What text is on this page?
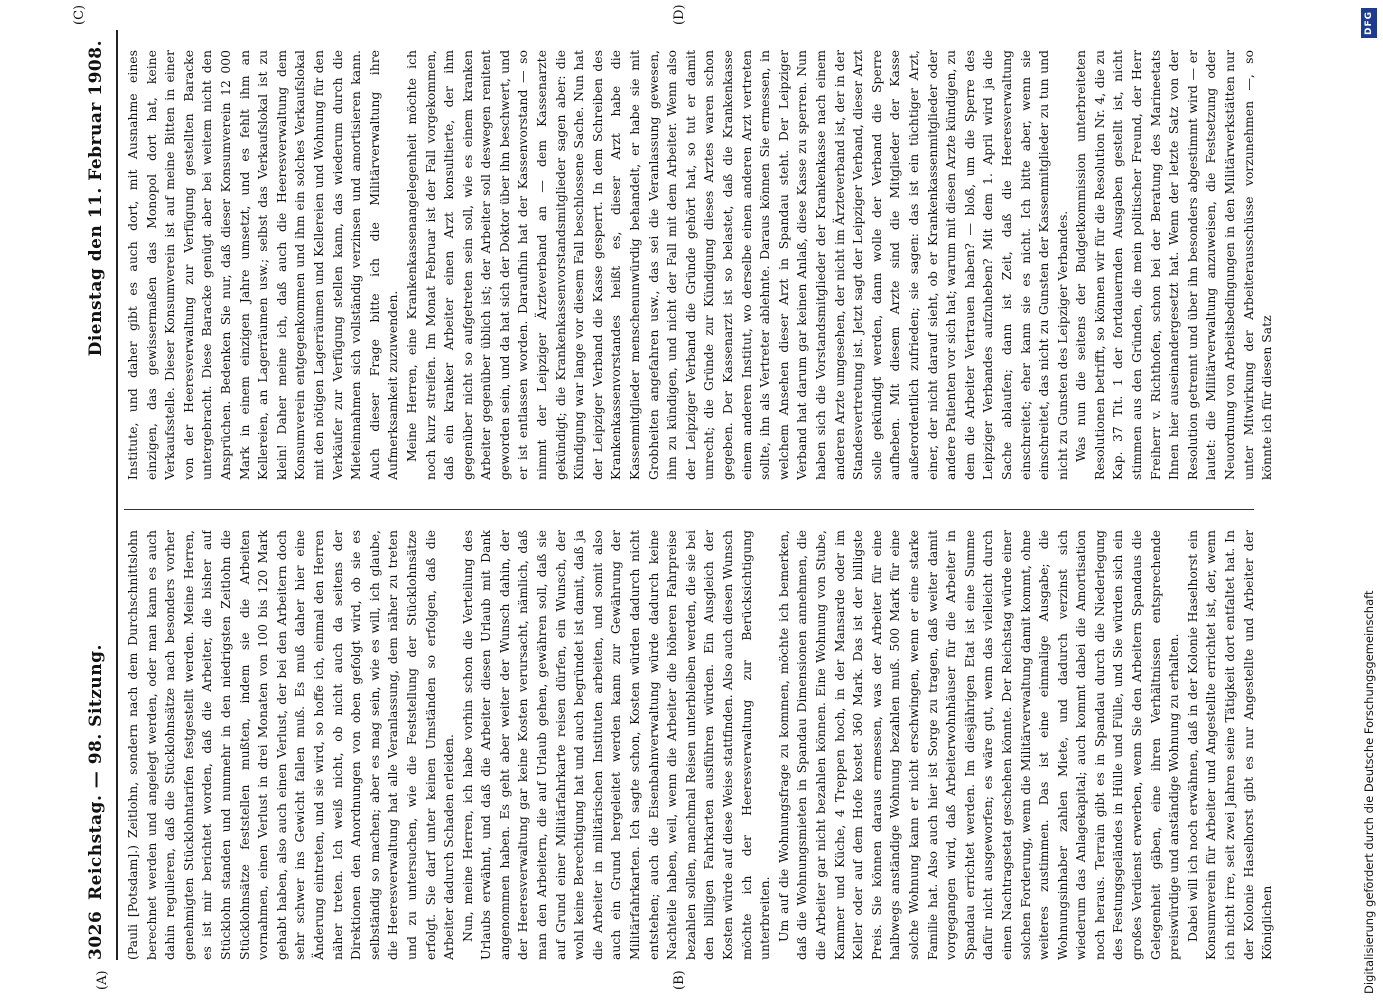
3026
Reichstag. — 98. Sitzung.
Dienstag den 11. Februar 1908.
(A)	(B)
(C)	(D)

(Pauli [Potsdam].) Zeitlohn, sondern nach dem Durchschnittslohn berechnet werden und angelegt werden, oder man kann es auch dahin regulieren, daß die Stücklohnsätze nach besonders vorher genehmigten Stücklohntarifen festgestellt werden. Meine Herren, es ist mir berichtet worden, daß die Arbeiter, die bisher auf Stücklohn standen und nunmehr in den niedrigsten Zeitlohn die Stücklohnsätze feststellen mußten, indem sie die Arbeiten vornahmen, einen Verlust in drei Monaten von 100 bis 120 Mark gehabt haben, also auch einen Verlust, der bei den Arbeitern doch sehr schwer ins Gewicht fallen muß. Es muß daher hier eine Änderung eintreten, und sie wird, so hoffe ich, einmal den Herren näher treten. Ich weiß nicht, ob nicht auch da seitens der Direktionen den Anordnungen von oben gefolgt wird, ob sie es selbständig so machen; aber es mag sein, wie es will, ich glaube, die Heeresverwaltung hat alle Veranlassung, dem näher zu treten und zu untersuchen, wie die Feststellung der Stücklohnsätze erfolgt. Sie darf unter keinen Umständen so erfolgen, daß die Arbeiter dadurch Schaden erleiden. Nun, meine Herren, ich habe vorhin schon die Verteilung des Urlaubs erwähnt, und daß die Arbeiter diesen Urlaub mit Dank angenommen haben. Es geht aber weiter der Wunsch dahin, der der Heeresverwaltung gar keine Kosten verursacht, nämlich, daß man den Arbeitern, die auf Urlaub gehen, gewähren soll, daß sie auf Grund einer Militärfahrkarte reisen dürfen, ein Wunsch, der wohl keine Berechtigung hat und auch begründet ist damit, daß ja die Arbeiter in militärischen Instituten arbeiten, und somit also auch ein Grund hergeleitet werden kann zur Gewährung der Militärfahrkarten. Ich sagte schon, Kosten würden dadurch nicht entstehen; auch die Eisenbahnverwaltung würde dadurch keine Nachteile haben, weil, wenn die Arbeiter die höheren Fahrpreise bezahlen sollen, manchmal Reisen unterbleiben werden, die sie bei den billigen Fahrkarten ausführen würden. Ein Ausgleich der Kosten würde auf diese Weise stattfinden. Also auch diesen Wunsch möchte ich der Heeresverwaltung zur Berücksichtigung unterbreiten. Um auf die Wohnungsfrage zu kommen, möchte ich bemerken, daß die Wohnungsmieten in Spandau Dimensionen annehmen, die die Arbeiter gar nicht bezahlen können. Eine Wohnung von Stube, Kammer und Küche, 4 Treppen hoch, in der Mansarde oder im Keller oder auf dem Hofe kostet 360 Mark. Das ist der billigste Preis. Sie können daraus ermessen, was der Arbeiter für eine halbwegs anständige Wohnung bezahlen muß. 500 Mark für eine solche Wohnung kann er nicht erschwingen, wenn er eine starke Familie hat. Also auch hier ist Sorge zu tragen, daß weiter damit vorgegangen wird, daß Arbeiterwohnhäuser für die Arbeiter in Spandau errichtet werden. Im diesjährigen Etat ist eine Summe dafür nicht ausgeworfen; es wäre gut, wenn das vielleicht durch einen Nachtragsetat geschehen könnte. Der Reichstag würde einer solchen Forderung, wenn die Militärverwaltung damit kommt, ohne weiteres zustimmen. Das ist eine einmalige Ausgabe; die Wohnungsinhaber zahlen Miete, und dadurch verzinst sich wiederum das Anlagekapital; auch kommt dabei die Amortisation noch heraus. Terrain gibt es in Spandau durch die Niederlegung des Festungsgeländes in Hülle und Fülle, und Sie würden sich ein großes Verdienst erwerben, wenn Sie den Arbeitern Spandaus die Gelegenheit gäben, eine ihren Verhältnissen entsprechende preiswürdige und anständige Wohnung zu erhalten. Dabei will ich noch erwähnen, daß in der Kolonie Haselhorst ein Konsumverein für Arbeiter und Angestellte errichtet ist, der, wenn ich nicht irre, seit zwei Jahren seine Tätigkeit dort entfaltet hat. In der Kolonie Haselhorst gibt es nur Angestellte und Arbeiter der Königlichen

Institute, und daher gibt es auch dort, mit Ausnahme eines einzigen, das gewissermaßen das Monopol dort hat, keine Verkaufsstelle. Dieser Konsumverein ist auf meine Bitten in einer von der Heeresverwaltung zur Verfügung gestellten Baracke untergebracht. Diese Baracke genügt aber bei weitem nicht den Ansprüchen. Bedenken Sie nur, daß dieser Konsumverein 12 000 Mark in einem einzigen Jahre umsetzt, und es fehlt ihm an Kellereien, an Lagerräumen usw.; selbst das Verkaufslokal ist zu klein! Daher meine ich, daß auch die Heeresverwaltung dem Konsumverein entgegenkommen und ihm ein solches Verkaufslokal mit den nötigen Lagerräumen und Kellereien und Wohnung für den Verkäufer zur Verfügung stellen kann, das wiederum durch die Mieteinnahmen sich vollständig verzinsen und amortisieren kann. Auch dieser Frage bitte ich die Militärverwaltung ihre Aufmerksamkeit zuzuwenden. Meine Herren, eine Krankenkassenangelegenheit möchte ich noch kurz streifen. Im Monat Februar ist der Fall vorgekommen, daß ein kranker Arbeiter einen Arzt konsultierte, der ihm gegenüber nicht so aufgetreten sein soll, wie es einem kranken Arbeiter gegenüber üblich ist; der Arbeiter soll deswegen renitent geworden sein, und da hat sich der Doktor über ihn beschwert, und er ist entlassen worden. Daraufhin hat der Kassenvorstand — so nimmt der Leipziger Ärzteverband an — dem Kassenarzte gekündigt; die Krankenkassenvorstandsmitglieder sagen aber: die Kündigung war lange vor diesem Fall beschlossene Sache. Nun hat der Leipziger Verband die Kasse gesperrt. In dem Schreiben des Krankenkassenvorstandes heißt es, dieser Arzt habe die Kassenmitglieder menschenunwürdig behandelt, er habe sie mit Grobheiten angefahren usw., das sei die Veranlassung gewesen, ihm zu kündigen, und nicht der Fall mit dem Arbeiter. Wenn also der Leipziger Verband die Gründe gehört hat, so tut er damit unrecht; die Gründe zur Kündigung dieses Arztes waren schon gegeben. Der Kassenarzt ist so belastet, daß die Krankenkasse einem anderen Institut, wo derselbe einen anderen Arzt vertreten sollte, ihn als Vertreter ablehnte. Daraus können Sie ermessen, in welchem Ansehen dieser Arzt in Spandau steht. Der Leipziger Verband hat darum gar keinen Anlaß, diese Kasse zu sperren. Nun haben sich die Vorstandsmitglieder der Krankenkasse nach einem anderen Arzte umgesehen, der nicht im Ärzteverband ist, der in der Standesvertretung ist. Jetzt sagt der Leipziger Verband, dieser Arzt solle gekündigt werden, dann wolle der Verband die Sperre aufheben. Mit diesem Arzte sind die Mitglieder der Kasse außerordentlich zufrieden; sie sagen: das ist ein tüchtiger Arzt, einer, der nicht darauf sieht, ob er Krankenkassenmitglieder oder andere Patienten vor sich hat; warum mit diesen Arzte kündigen, zu dem die Arbeiter Vertrauen haben? — bloß, um die Sperre des Leipziger Verbandes aufzuheben? Mit dem 1. April wird ja die Sache ablaufen; dann ist Zeit, daß die Heeresverwaltung einschreitet; eher kann sie es nicht. Ich bitte aber, wenn sie einschreitet, das nicht zu Gunsten der Kassenmitglieder zu tun und nicht zu Gunsten des Leipziger Verbandes. Was nun die seitens der Budgetkommission unterbreiteten Resolutionen betrifft, so können wir für die Resolution Nr. 4, die zu Kap. 37 Tit. 1 der fortdauernden Ausgaben gestellt ist, nicht stimmen aus den Gründen, die mein politischer Freund, der Herr Freiherr v. Richthofen, schon bei der Beratung des Marineetats Ihnen hier auseinandergesetzt hat. Wenn der letzte Satz von der Resolution getrennt und über ihn besonders abgestimmt wird — er lautet: die Militärverwaltung anzuweisen, die Festsetzung oder Neuordnung von Arbeitsbedingungen in den Militärwerkstätten nur unter Mitwirkung der Arbeiterausschüsse vorzunehmen —, so könnte ich für diesen Satz

Digitalisierung gefördert durch die Deutsche Forschungsgemeinschaft
DFG
